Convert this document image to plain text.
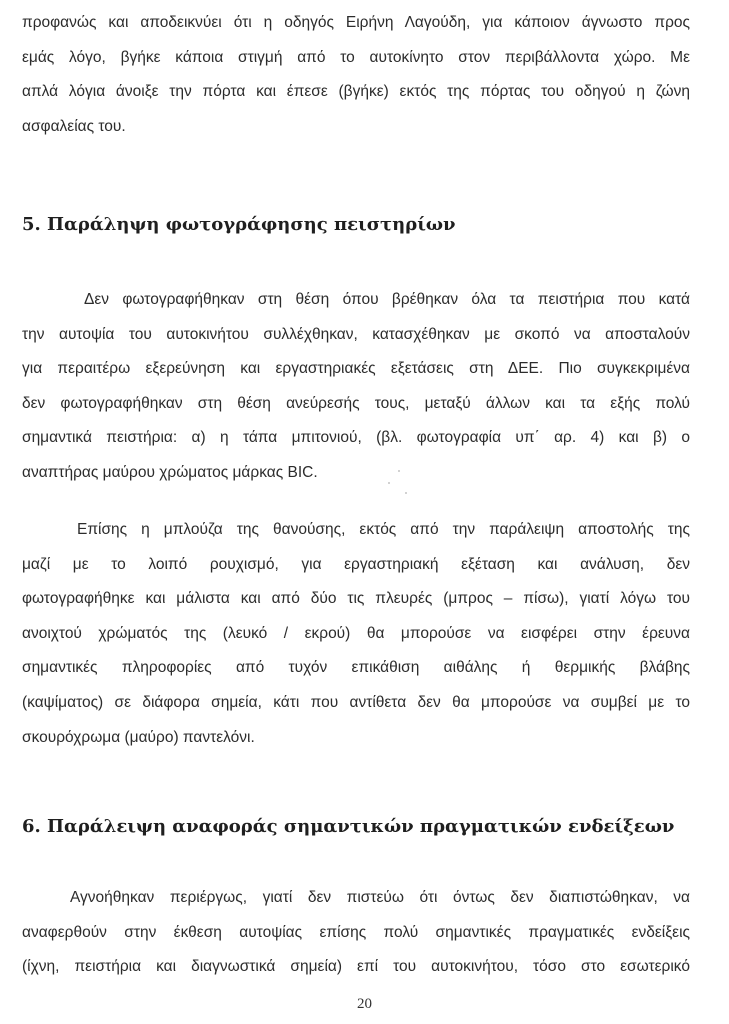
προφανώς και αποδεικνύει ότι η οδηγός Ειρήνη Λαγούδη, για κάποιον άγνωστο προς
εμάς λόγο, βγήκε κάποια στιγμή από το αυτοκίνητο στον περιβάλλοντα χώρο. Με
απλά λόγια άνοιξε την πόρτα και έπεσε (βγήκε) εκτός της πόρτας του οδηγού η ζώνη
ασφαλείας του.

5. Παράληψη φωτογράφησης πειστηρίων

Δεν φωτογραφήθηκαν στη θέση όπου βρέθηκαν όλα τα πειστήρια που κατά
την αυτοψία του αυτοκινήτου συλλέχθηκαν, κατασχέθηκαν με σκοπό να αποσταλούν
για περαιτέρω εξερεύνηση και εργαστηριακές εξετάσεις στη ΔΕΕ. Πιο συγκεκριμένα
δεν φωτογραφήθηκαν στη θέση ανεύρεσής τους, μεταξύ άλλων και τα εξής πολύ
σημαντικά πειστήρια: α) η τάπα μπιτονιού, (βλ. φωτογραφία υπ΄ αρ. 4) και β) ο
αναπτήρας μαύρου χρώματος μάρκας BIC.

Επίσης η μπλούζα της θανούσης, εκτός από την παράλειψη αποστολής της
μαζί με το λοιπό ρουχισμό, για εργαστηριακή εξέταση και ανάλυση, δεν
φωτογραφήθηκε και μάλιστα και από δύο τις πλευρές (μπρος – πίσω), γιατί λόγω του
ανοιχτού χρώματός της (λευκό / εκρού) θα μπορούσε να εισφέρει στην έρευνα
σημαντικές πληροφορίες από τυχόν επικάθιση αιθάλης ή θερμικής βλάβης
(καψίματος) σε διάφορα σημεία, κάτι που αντίθετα δεν θα μπορούσε να συμβεί με το
σκουρόχρωμα (μαύρο) παντελόνι.

6. Παράλειψη αναφοράς σημαντικών πραγματικών ενδείξεων

Αγνοήθηκαν περιέργως, γιατί δεν πιστεύω ότι όντως δεν διαπιστώθηκαν, να
αναφερθούν στην έκθεση αυτοψίας επίσης πολύ σημαντικές πραγματικές ενδείξεις
(ίχνη, πειστήρια και διαγνωστικά σημεία) επί του αυτοκινήτου, τόσο στο εσωτερικό

20
